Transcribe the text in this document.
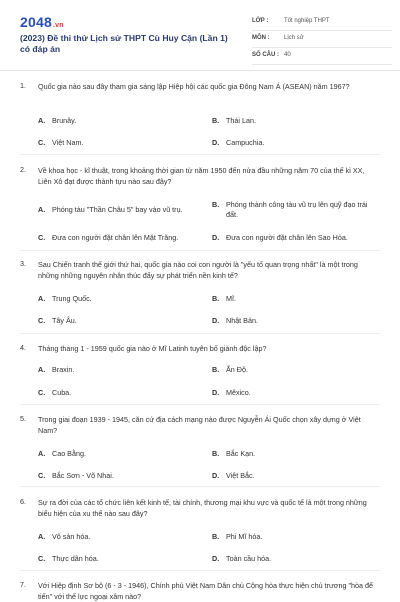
2048.vn
(2023) Đề thi thử Lịch sử THPT Cù Huy Cận (Lần 1) có đáp án
LỚP :	Tốt nghiệp THPT
MÔN : Lịch sử
SỐ CÂU : 40
1. Quốc gia nào sau đây tham gia sáng lập Hiệp hội các quốc gia Đông Nam Á (ASEAN) năm 1967?
A. Brunây.	B. Thái Lan.
C. Việt Nam.	D. Campuchia.
2. Về khoa học - kĩ thuật, trong khoảng thời gian từ năm 1950 đến nửa đầu những năm 70 của thế kỉ XX, Liên Xô đạt được thành tựu nào sau đây?
A. Phóng tàu "Thần Châu 5" bay vào vũ trụ.
B. Phóng thành công tàu vũ trụ lên quỹ đạo trái đất.
C. Đưa con người đặt chân lên Mặt Trăng.	D. Đưa con người đặt chân lên Sao Hỏa.
3. Sau Chiến tranh thế giới thứ hai, quốc gia nào coi con người là "yếu tố quan trọng nhất" là một trong những những nguyên nhân thúc đẩy sự phát triển nền kinh tế?
A. Trung Quốc.	B. Mĩ.
C. Tây Âu.	D. Nhật Bản.
4. Tháng thang 1 - 1959 quốc gia nào ở Mĩ Latinh tuyên bố giành độc lập?
A. Braxin.	B. Ấn Độ.
C. Cuba.	D. Mêxico.
5. Trong giai đoạn 1939 - 1945, căn cứ địa cách mạng nào được Nguyễn Ái Quốc chọn xây dựng ở Việt Nam?
A. Cao Bằng.	B. Bắc Kạn.
C. Bắc Sơn - Võ Nhai.	D. Việt Bắc.
6. Sự ra đời của các tổ chức liên kết kinh tế, tài chính, thương mại khu vực và quốc tế là một trong những biểu hiện của xu thế nào sau đây?
A. Vô sản hóa.	B. Phi Mĩ hóa.
C. Thực dân hóa.	D. Toàn cầu hóa.
7. Với Hiệp định Sơ bộ (6 - 3 - 1946), Chính phủ Việt Nam Dân chủ Cộng hòa thực hiện chủ trương "hòa để tiến" với thế lực ngoại xâm nào?
